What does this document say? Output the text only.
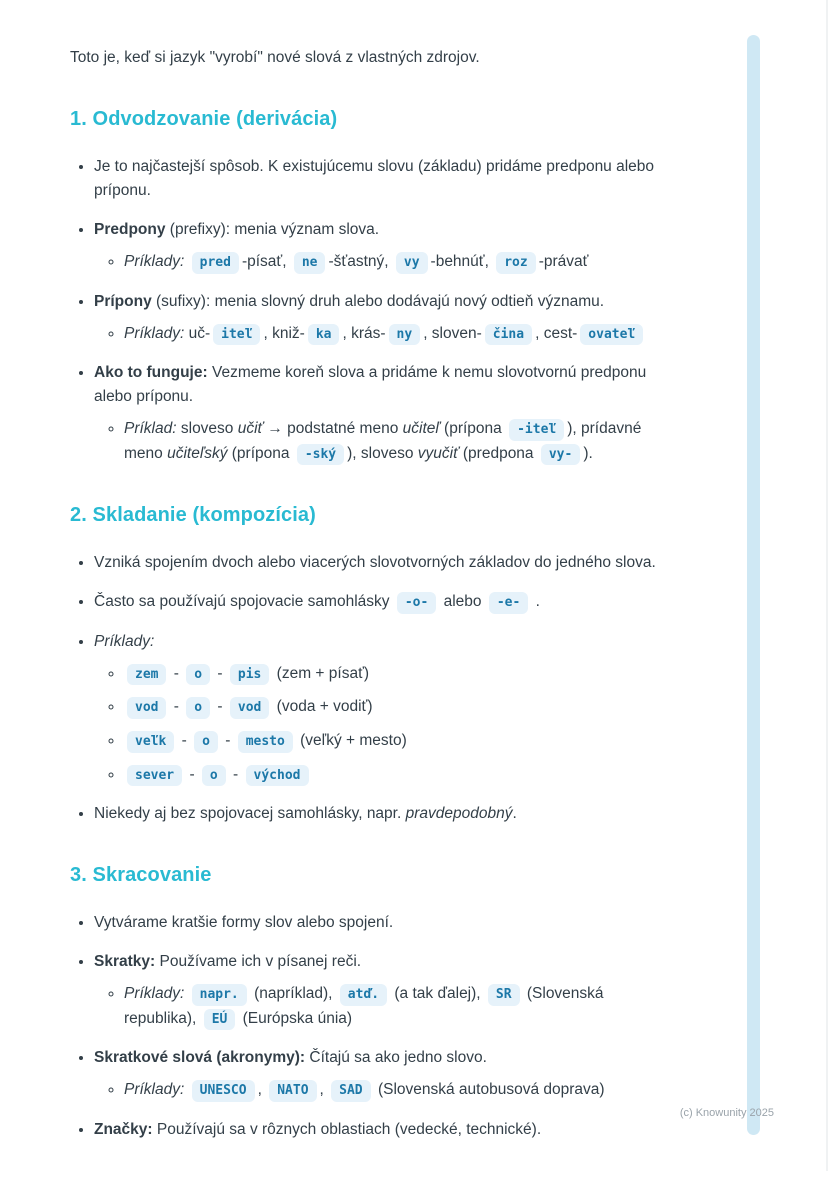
Toto je, keď si jazyk "vyrobí" nové slová z vlastných zdrojov.

1. Odvodzovanie (derivácia)
• Je to najčastejší spôsob. K existujúcemu slovu (základu) pridáme predponu alebo príponu.
• Predpony (prefixy): menia význam slova.
◦ Príklady: pred -písať, ne -šťastný, vy -behnúť, roz -právať
• Prípony (sufixy): menia slovný druh alebo dodávajú nový odtieň významu.
◦ Príklady: uč- iteľ , kniž- ka , krás- ny , sloven- čina , cest- ovateľ
• Ako to funguje: Vezmeme koreň slova a pridáme k nemu slovotvornú predponu alebo príponu.
◦ Príklad: sloveso učiť → podstatné meno učiteľ (prípona -iteľ ), prídavné meno učiteľský (prípona -ský ), sloveso vyučiť (predpona vy- ).
2. Skladanie (kompozícia)
• Vzniká spojením dvoch alebo viacerých slovotvorných základov do jedného slova.
• Často sa používajú spojovacie samohlásky -o- alebo -e- .
• Príklady:
◦ zem - o - pis (zem + písať)
◦ vod - o - vod (voda + vodiť)
◦ veľk - o - mesto (veľký + mesto)
◦ sever - o - východ
• Niekedy aj bez spojovacej samohlásky, napr. pravdepodobný.
3. Skracovanie
• Vytvárame kratšie formy slov alebo spojení.
• Skratky: Používame ich v písanej reči.
◦ Príklady: napr. (napríklad), atď. (a tak ďalej), SR (Slovenská republika), EÚ (Európska únia)
• Skratkové slová (akronymy): Čítajú sa ako jedno slovo.
◦ Príklady: UNESCO , NATO , SAD (Slovenská autobusová doprava)
• Značky: Používajú sa v rôznych oblastiach (vedecké, technické).
(c) Knowunity 2025
